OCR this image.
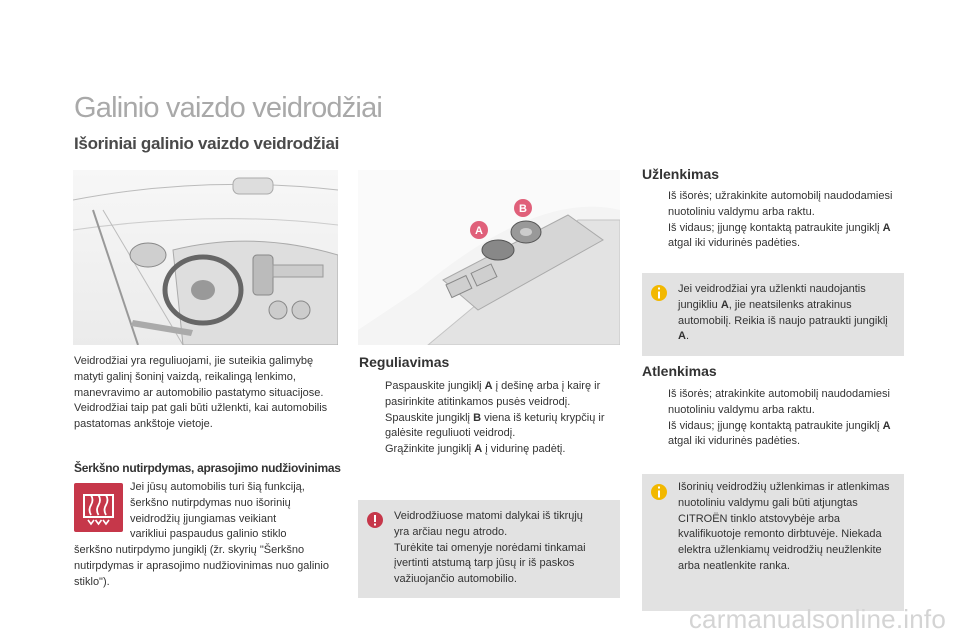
Galinio vaizdo veidrodžiai
Išoriniai galinio vaizdo veidrodžiai
A
B

Veidrodžiai yra reguliuojami, jie suteikia galimybę matyti galinį šoninį vaizdą, reikalingą lenkimo, manevravimo ar automobilio pastatymo situacijose. Veidrodžiai taip pat gali būti užlenkti, kai automobilis pastatomas ankštoje vietoje.

Šerkšno nutirpdymas, aprasojimo nudžiovinimas

Jei jūsų automobilis turi šią funkciją,

šerkšno nutirpdymas nuo išorinių

veidrodžių įjungiamas veikiant

varikliui paspaudus galinio stiklo

šerkšno nutirpdymo jungiklį (žr. skyrių "Šerkšno nutirpdymas ir aprasojimo nudžiovinimas nuo galinio stiklo").

Reguliavimas
Paspauskite jungiklį A į dešinę arba į kairę ir pasirinkite atitinkamos pusės veidrodį.
Spauskite jungiklį B viena iš keturių krypčių ir galėsite reguliuoti veidrodį.
Grąžinkite jungiklį A į vidurinę padėtį.
Veidrodžiuose matomi dalykai iš tikrųjų
yra arčiau negu atrodo.
Turėkite tai omenyje norėdami tinkamai
įvertinti atstumą tarp jūsų ir iš paskos
važiuojančio automobilio.
Užlenkimas
Iš išorės; užrakinkite automobilį naudodamiesi nuotoliniu valdymu arba raktu.
Iš vidaus; įjungę kontaktą patraukite jungiklį A atgal iki vidurinės padėties.
Jei veidrodžiai yra užlenkti naudojantis jungikliu A, jie neatsilenks atrakinus automobilį. Reikia iš naujo patraukti jungiklį A.
Atlenkimas
Iš išorės; atrakinkite automobilį naudodamiesi nuotoliniu valdymu arba raktu.
Iš vidaus; įjungę kontaktą patraukite jungiklį A atgal iki vidurinės padėties.
Išorinių veidrodžių užlenkimas ir atlenkimas nuotoliniu valdymu gali būti atjungtas CITROËN tinklo atstovybėje arba kvalifikuotoje remonto dirbtuvėje. Niekada elektra užlenkiamų veidrodžių neužlenkite arba neatlenkite ranka.
carmanualsonline.info
